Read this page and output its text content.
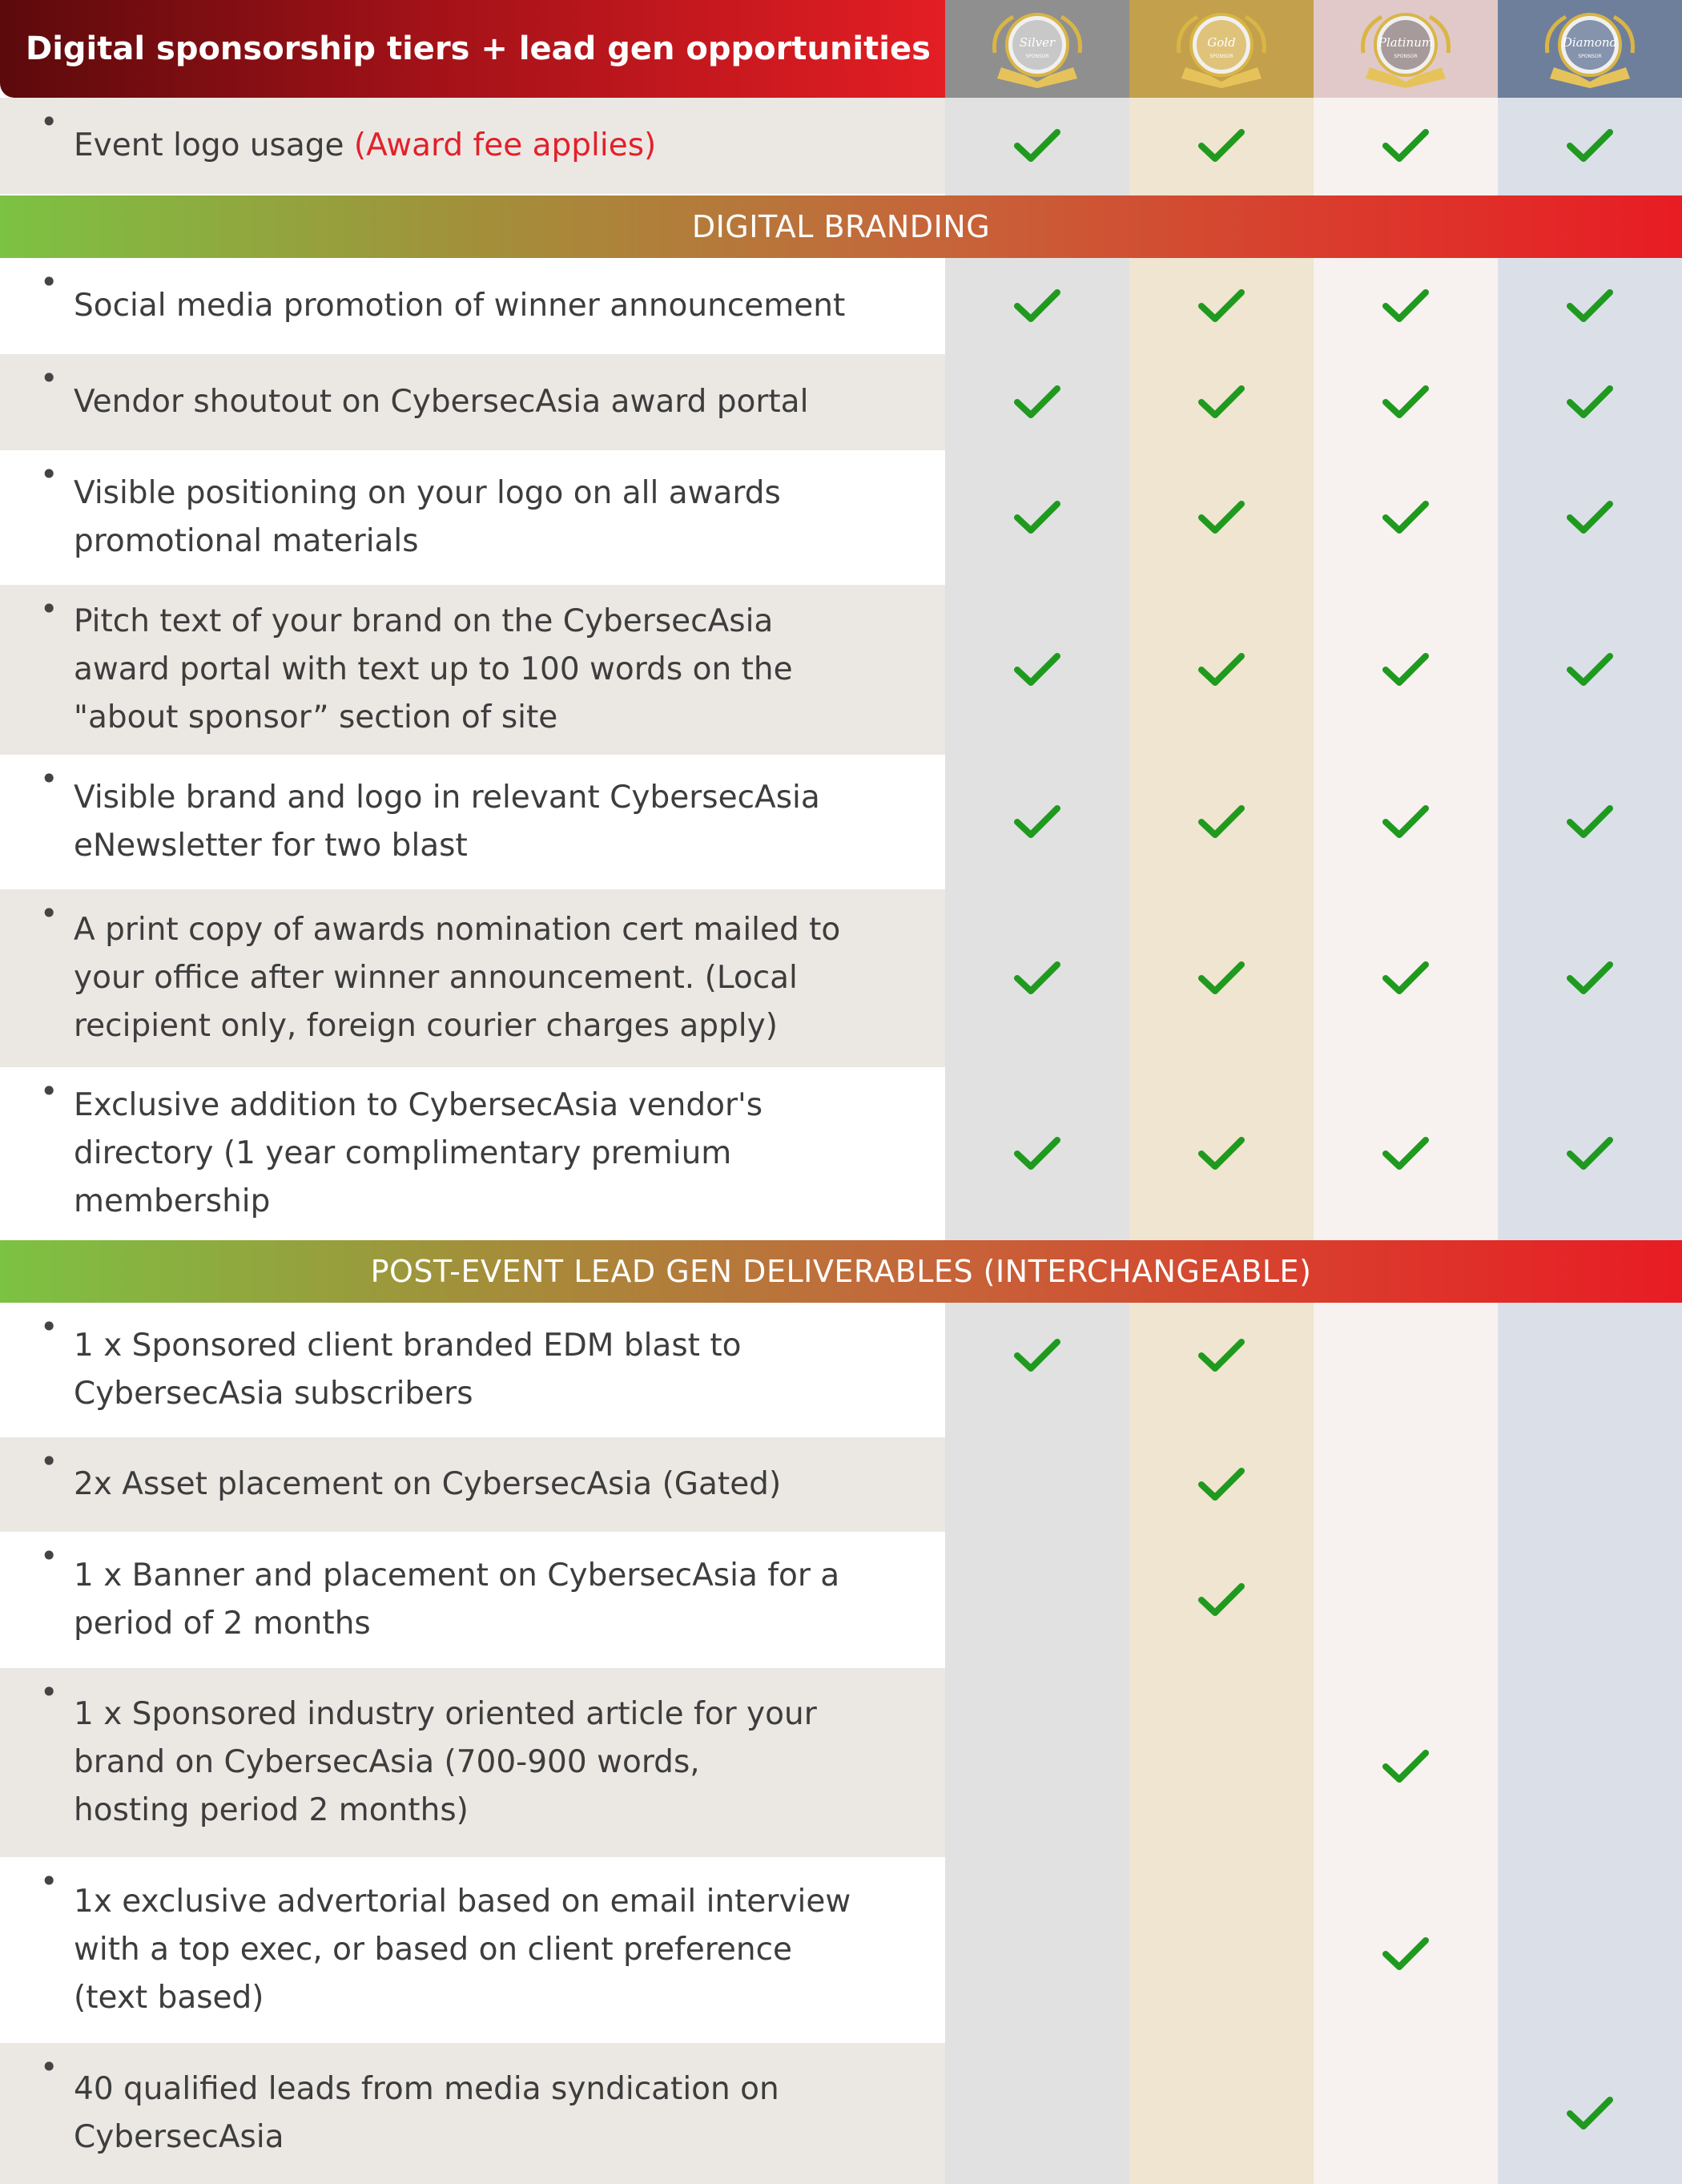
Digital sponsorship tiers + lead gen opportunities	Silver
SPONSOR
Gold
SPONSOR
Platinum
SPONSOR
Diamond
SPONSOR
•
Event logo usage (Award fee applies)
DIGITAL BRANDING
•
Social media promotion of winner announcement
•
Vendor shoutout on CybersecAsia award portal
•
Visible positioning on your logo on all awards
promotional materials
• Pitch text of your brand on the CybersecAsia
award portal with text up to 100 words on the
"about sponsor” section of site
•
Visible brand and logo in relevant CybersecAsia
eNewsletter for two blast
• A print copy of awards nomination cert mailed to
your office after winner announcement. (Local
recipient only, foreign courier charges apply)
• Exclusive addition to CybersecAsia vendor's
directory (1 year complimentary premium
membership
POST-EVENT LEAD GEN DELIVERABLES (INTERCHANGEABLE)
•
1 x Sponsored client branded EDM blast to
CybersecAsia subscribers
•
2x Asset placement on CybersecAsia (Gated)
•
1 x Banner and placement on CybersecAsia for a
period of 2 months
•
1 x Sponsored industry oriented article for your
brand on CybersecAsia (700-900 words,
hosting period 2 months)
•
1x exclusive advertorial based on email interview
with a top exec, or based on client preference
(text based)
•
40 qualified leads from media syndication on
CybersecAsia
